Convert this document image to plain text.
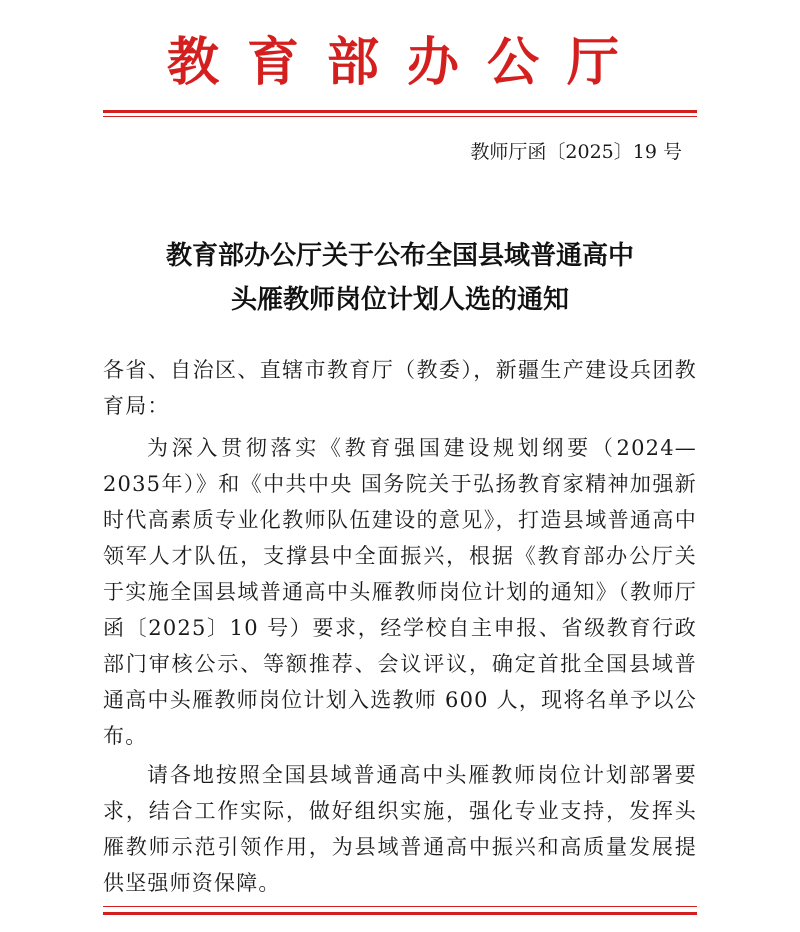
教育部办公厅
教师厅函〔2025〕19 号
教育部办公厅关于公布全国县域普通高中
头雁教师岗位计划人选的通知
各省、自治区、直辖市教育厅（教委），新疆生产建设兵团教育局：
为深入贯彻落实《教育强国建设规划纲要（2024—2035年）》和《中共中央 国务院关于弘扬教育家精神加强新时代高素质专业化教师队伍建设的意见》，打造县域普通高中领军人才队伍，支撑县中全面振兴，根据《教育部办公厅关于实施全国县域普通高中头雁教师岗位计划的通知》（教师厅函〔2025〕10 号）要求，经学校自主申报、省级教育行政部门审核公示、等额推荐、会议评议，确定首批全国县域普通高中头雁教师岗位计划入选教师 600 人，现将名单予以公布。
请各地按照全国县域普通高中头雁教师岗位计划部署要求，结合工作实际，做好组织实施，强化专业支持，发挥头雁教师示范引领作用，为县域普通高中振兴和高质量发展提供坚强师资保障。
